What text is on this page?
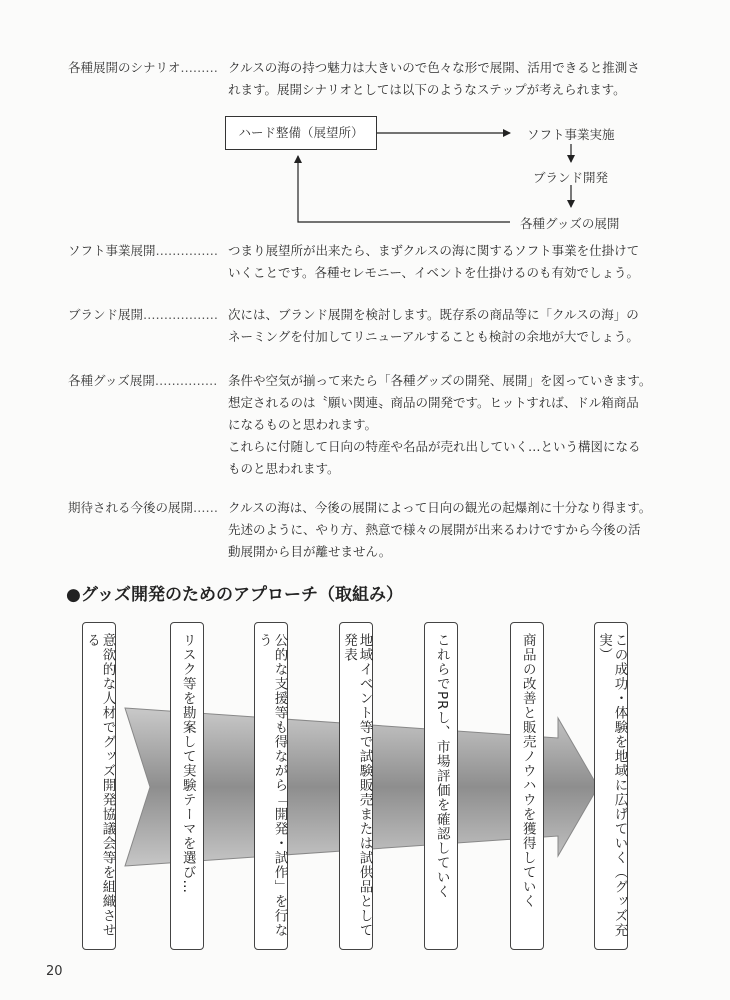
各種展開のシナリオ……… クルスの海の持つ魅力は大きいので色々な形で展開、活用できると推測さ
れます。展開シナリオとしては以下のようなステップが考えられます。
ハード整備（展望所）	ソフト事業実施
ブランド開発
各種グッズの展開
ソフト事業展開…………… つまり展望所が出来たら、まずクルスの海に関するソフト事業を仕掛けて
いくことです。各種セレモニー、イベントを仕掛けるのも有効でしょう。
ブランド展開……………… 次には、ブランド展開を検討します。既存系の商品等に「クルスの海」の
ネーミングを付加してリニューアルすることも検討の余地が大でしょう。
各種グッズ展開…………… 条件や空気が揃って来たら「各種グッズの開発、展開」を図っていきます。
想定されるのは〝願い関連〟商品の開発です。ヒットすれば、ドル箱商品
になるものと思われます。
これらに付随して日向の特産や名品が売れ出していく…という構図になる
ものと思われます。
期待される今後の展開…… クルスの海は、今後の展開によって日向の観光の起爆剤に十分なり得ます。
先述のように、やり方、熱意で様々の展開が出来るわけですから今後の活
動展開から目が離せません。
●グッズ開発のためのアプローチ（取組み）
意欲的な人材でグッズ開発協議会等を組織させる	リスク等を勘案して実験テーマを選び…	公的な支援等も得ながら「開発・試作」を行なう	地域イベント等で試験販売または試供品として発表	これらでPRし、市場評価を確認していく	商品の改善と販売ノウハウを獲得していく	この成功・体験を地域に広げていく（グッズ充実）
20
